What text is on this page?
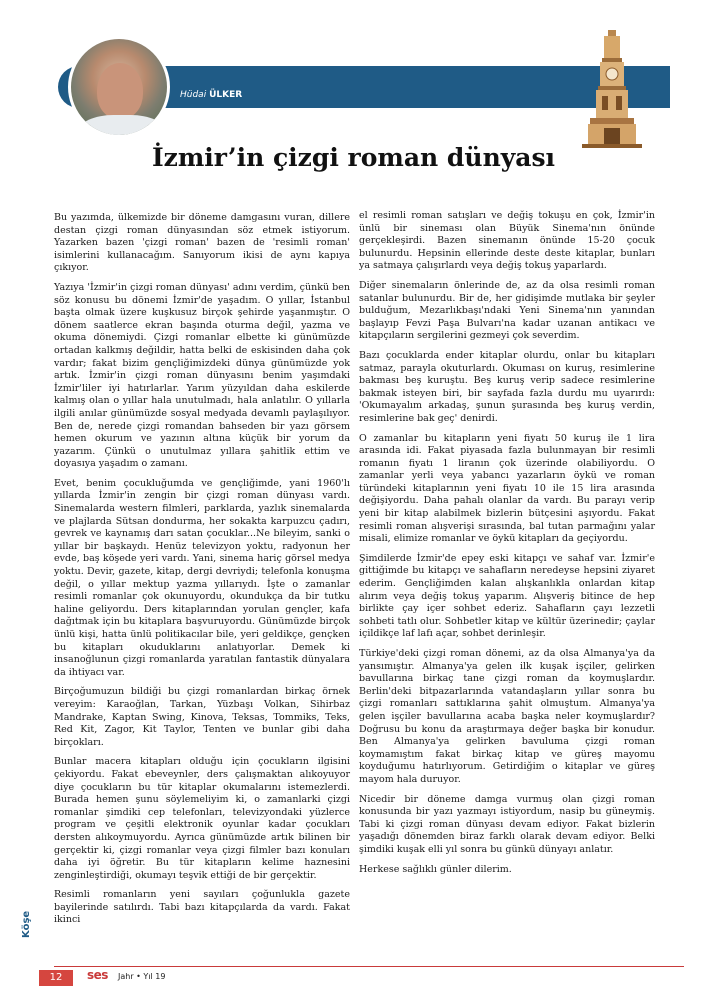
Hüdai ÜLKER
İzmir’in çizgi roman dünyası

Bu yazımda, ülkemizde bir döneme damgasını vuran, dillere destan çizgi roman dünyasından söz etmek istiyorum. Yazarken bazen 'çizgi roman' bazen de 'resimli roman' isimlerini kullanacağım. Sanıyorum ikisi de aynı kapıya çıkıyor.

Yazıya 'İzmir'in çizgi roman dünyası' adını verdim, çünkü ben söz konusu bu dönemi İzmir'de yaşadım. O yıllar, İstanbul başta olmak üzere kuşkusuz birçok şehirde yaşanmıştır. O dönem saatlerce ekran başında oturma değil, yazma ve okuma dönemiydi. Çizgi romanlar elbette ki günümüzde ortadan kalkmış değildir, hatta belki de eskisinden daha çok vardır; fakat bizim gençliğimizdeki dünya günümüzde yok artık. İzmir'in çizgi roman dünyasını benim yaşımdaki İzmir'liler iyi hatırlarlar. Yarım yüzyıldan daha eskilerde kalmış olan o yıllar hala unutulmadı, hala anlatılır. O yıllarla ilgili anılar günümüzde sosyal medyada devamlı paylaşılıyor. Ben de, nerede çizgi romandan bahseden bir yazı görsem hemen okurum ve yazının altına küçük bir yorum da yazarım. Çünkü o unutulmaz yıllara şahitlik ettim ve doyasıya yaşadım o zamanı.

Evet, benim çocukluğumda ve gençliğimde, yani 1960'lı yıllarda İzmir'in zengin bir çizgi roman dünyası vardı. Sinemalarda western filmleri, parklarda, yazlık sinemalarda ve plajlarda Sütsan dondurma, her sokakta karpuzcu çadırı, gevrek ve kaynamış darı satan çocuklar...Ne bileyim, sanki o yıllar bir başkaydı. Henüz televizyon yoktu, radyonun her evde, baş köşede yeri vardı. Yani, sinema hariç görsel medya yoktu. Devir, gazete, kitap, dergi devriydi; telefonla konuşma değil, o yıllar mektup yazma yıllarıydı. İşte o zamanlar resimli romanlar çok okunuyordu, okundukça da bir tutku haline geliyordu. Ders kitaplarından yorulan gençler, kafa dağıtmak için bu kitaplara başvuruyordu. Günümüzde birçok ünlü kişi, hatta ünlü politikacılar bile, yeri geldikçe, gençken bu kitapları okuduklarını anlatıyorlar. Demek ki insanoğlunun çizgi romanlarda yaratılan fantastik dünyalara da ihtiyacı var.

Birçoğumuzun bildiği bu çizgi romanlardan birkaç örnek vereyim: Karaoğlan, Tarkan, Yüzbaşı Volkan, Sihirbaz Mandrake, Kaptan Swing, Kinova, Teksas, Tommiks, Teks, Red Kit, Zagor, Kit Taylor, Tenten ve bunlar gibi daha birçokları.

Bunlar macera kitapları olduğu için çocukların ilgisini çekiyordu. Fakat ebeveynler, ders çalışmaktan alıkoyuyor diye çocukların bu tür kitaplar okumalarını istemezlerdi. Burada hemen şunu söylemeliyim ki, o zamanlarki çizgi romanlar şimdiki cep telefonları, televizyondaki yüzlerce program ve çeşitli elektronik oyunlar kadar çocukları dersten alıkoymuyordu. Ayrıca günümüzde artık bilinen bir gerçektir ki, çizgi romanlar veya çizgi filmler bazı konuları daha iyi öğretir. Bu tür kitapların kelime haznesini zenginleştirdiği, okumayı teşvik ettiği de bir gerçektir.

Resimli romanların yeni sayıları çoğunlukla gazete bayilerinde satılırdı. Tabi bazı kitapçılarda da vardı. Fakat ikinci

el resimli roman satışları ve değiş tokuşu en çok, İzmir'in ünlü bir sineması olan Büyük Sinema'nın önünde gerçekleşirdi. Bazen sinemanın önünde 15-20 çocuk bulunurdu. Hepsinin ellerinde deste deste kitaplar, bunları ya satmaya çalışırlardı veya değiş tokuş yaparlardı.

Diğer sinemaların önlerinde de, az da olsa resimli roman satanlar bulunurdu. Bir de, her gidişimde mutlaka bir şeyler bulduğum, Mezarlıkbaşı'ndaki Yeni Sinema'nın yanından başlayıp Fevzi Paşa Bulvarı'na kadar uzanan antikacı ve kitapçıların sergilerini gezmeyi çok severdim.

Bazı çocuklarda ender kitaplar olurdu, onlar bu kitapları satmaz, parayla okuturlardı. Okuması on kuruş, resimlerine bakması beş kuruştu. Beş kuruş verip sadece resimlerine bakmak isteyen biri, bir sayfada fazla durdu mu uyarırdı: 'Okumayalım arkadaş, şunun şurasında beş kuruş verdin, resimlerine bak geç' denirdi.

O zamanlar bu kitapların yeni fiyatı 50 kuruş ile 1 lira arasında idi. Fakat piyasada fazla bulunmayan bir resimli romanın fiyatı 1 liranın çok üzerinde olabiliyordu. O zamanlar yerli veya yabancı yazarların öykü ve roman türündeki kitaplarının yeni fiyatı 10 ile 15 lira arasında değişiyordu. Daha pahalı olanlar da vardı. Bu parayı verip yeni bir kitap alabilmek bizlerin bütçesini aşıyordu. Fakat resimli roman alışverişi sırasında, bal tutan parmağını yalar misali, elimize romanlar ve öykü kitapları da geçiyordu.

Şimdilerde İzmir'de epey eski kitapçı ve sahaf var. İzmir'e gittiğimde bu kitapçı ve sahafların neredeyse hepsini ziyaret ederim. Gençliğimden kalan alışkanlıkla onlardan kitap alırım veya değiş tokuş yaparım. Alışveriş bitince de hep birlikte çay içer sohbet ederiz. Sahafların çayı lezzetli sohbeti tatlı olur. Sohbetler kitap ve kültür üzerinedir; çaylar içildikçe laf lafı açar, sohbet derinleşir.

Türkiye'deki çizgi roman dönemi, az da olsa Almanya'ya da yansımıştır. Almanya'ya gelen ilk kuşak işçiler, gelirken bavullarına birkaç tane çizgi roman da koymuşlardır. Berlin'deki bitpazarlarında vatandaşların yıllar sonra bu çizgi romanları sattıklarına şahit olmuştum. Almanya'ya gelen işçiler bavullarına acaba başka neler koymuşlardır? Doğrusu bu konu da araştırmaya değer başka bir konudur. Ben Almanya'ya gelirken bavuluma çizgi roman koymamıştım fakat birkaç kitap ve güreş mayomu koyduğumu hatırlıyorum. Getirdiğim o kitaplar ve güreş mayom hala duruyor.

Nicedir bir döneme damga vurmuş olan çizgi roman konusunda bir yazı yazmayı istiyordum, nasip bu güneymiş. Tabi ki çizgi roman dünyası devam ediyor. Fakat bizlerin yaşadığı dönemden biraz farklı olarak devam ediyor. Belki şimdiki kuşak elli yıl sonra bu günkü dünyayı anlatır.

Herkese sağlıklı günler dilerim.

Köşe
12	ses Jahr • Yıl 19
